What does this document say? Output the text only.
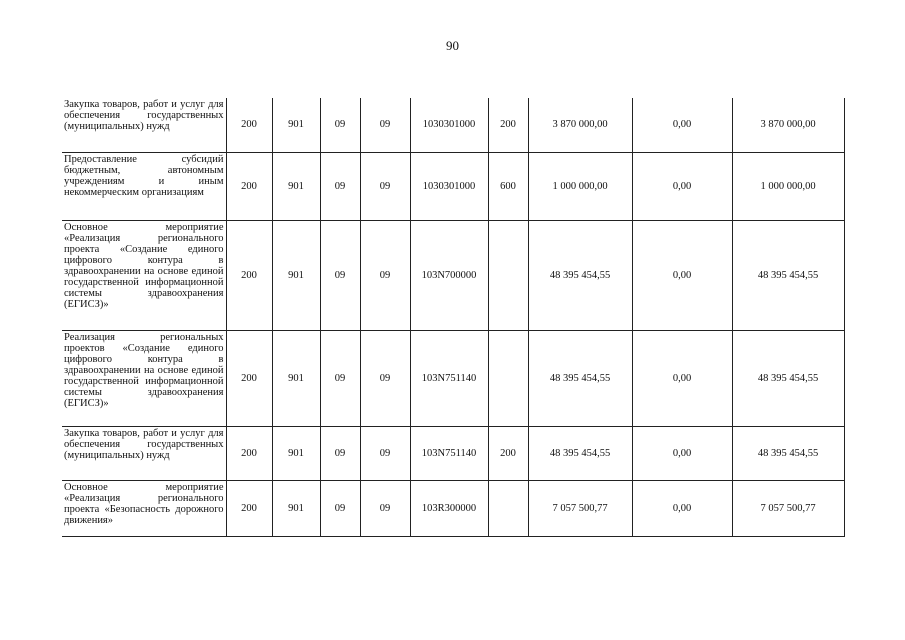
90
Закупка товаров, работ и услуг для обеспечения государственных (муниципальных) нужд	200	901	09	09	1030301000	200	3 870 000,00	0,00	3 870 000,00
Предоставление субсидий бюджетным, автономным учреждениям и иным некоммерческим организациям	200	901	09	09	1030301000	600	1 000 000,00	0,00	1 000 000,00
Основное мероприятие «Реализация регионального проекта «Создание единого цифрового контура в здравоохранении на основе единой государственной информационной системы здравоохранения (ЕГИСЗ)»	200	901	09	09	103N700000		48 395 454,55	0,00	48 395 454,55
Реализация региональных проектов «Создание единого цифрового контура в здравоохранении на основе единой государственной информационной системы здравоохранения (ЕГИСЗ)»	200	901	09	09	103N751140		48 395 454,55	0,00	48 395 454,55
Закупка товаров, работ и услуг для обеспечения государственных (муниципальных) нужд	200	901	09	09	103N751140	200	48 395 454,55	0,00	48 395 454,55
Основное мероприятие «Реализация регионального проекта «Безопасность дорожного движения»	200	901	09	09	103R300000		7 057 500,77	0,00	7 057 500,77
